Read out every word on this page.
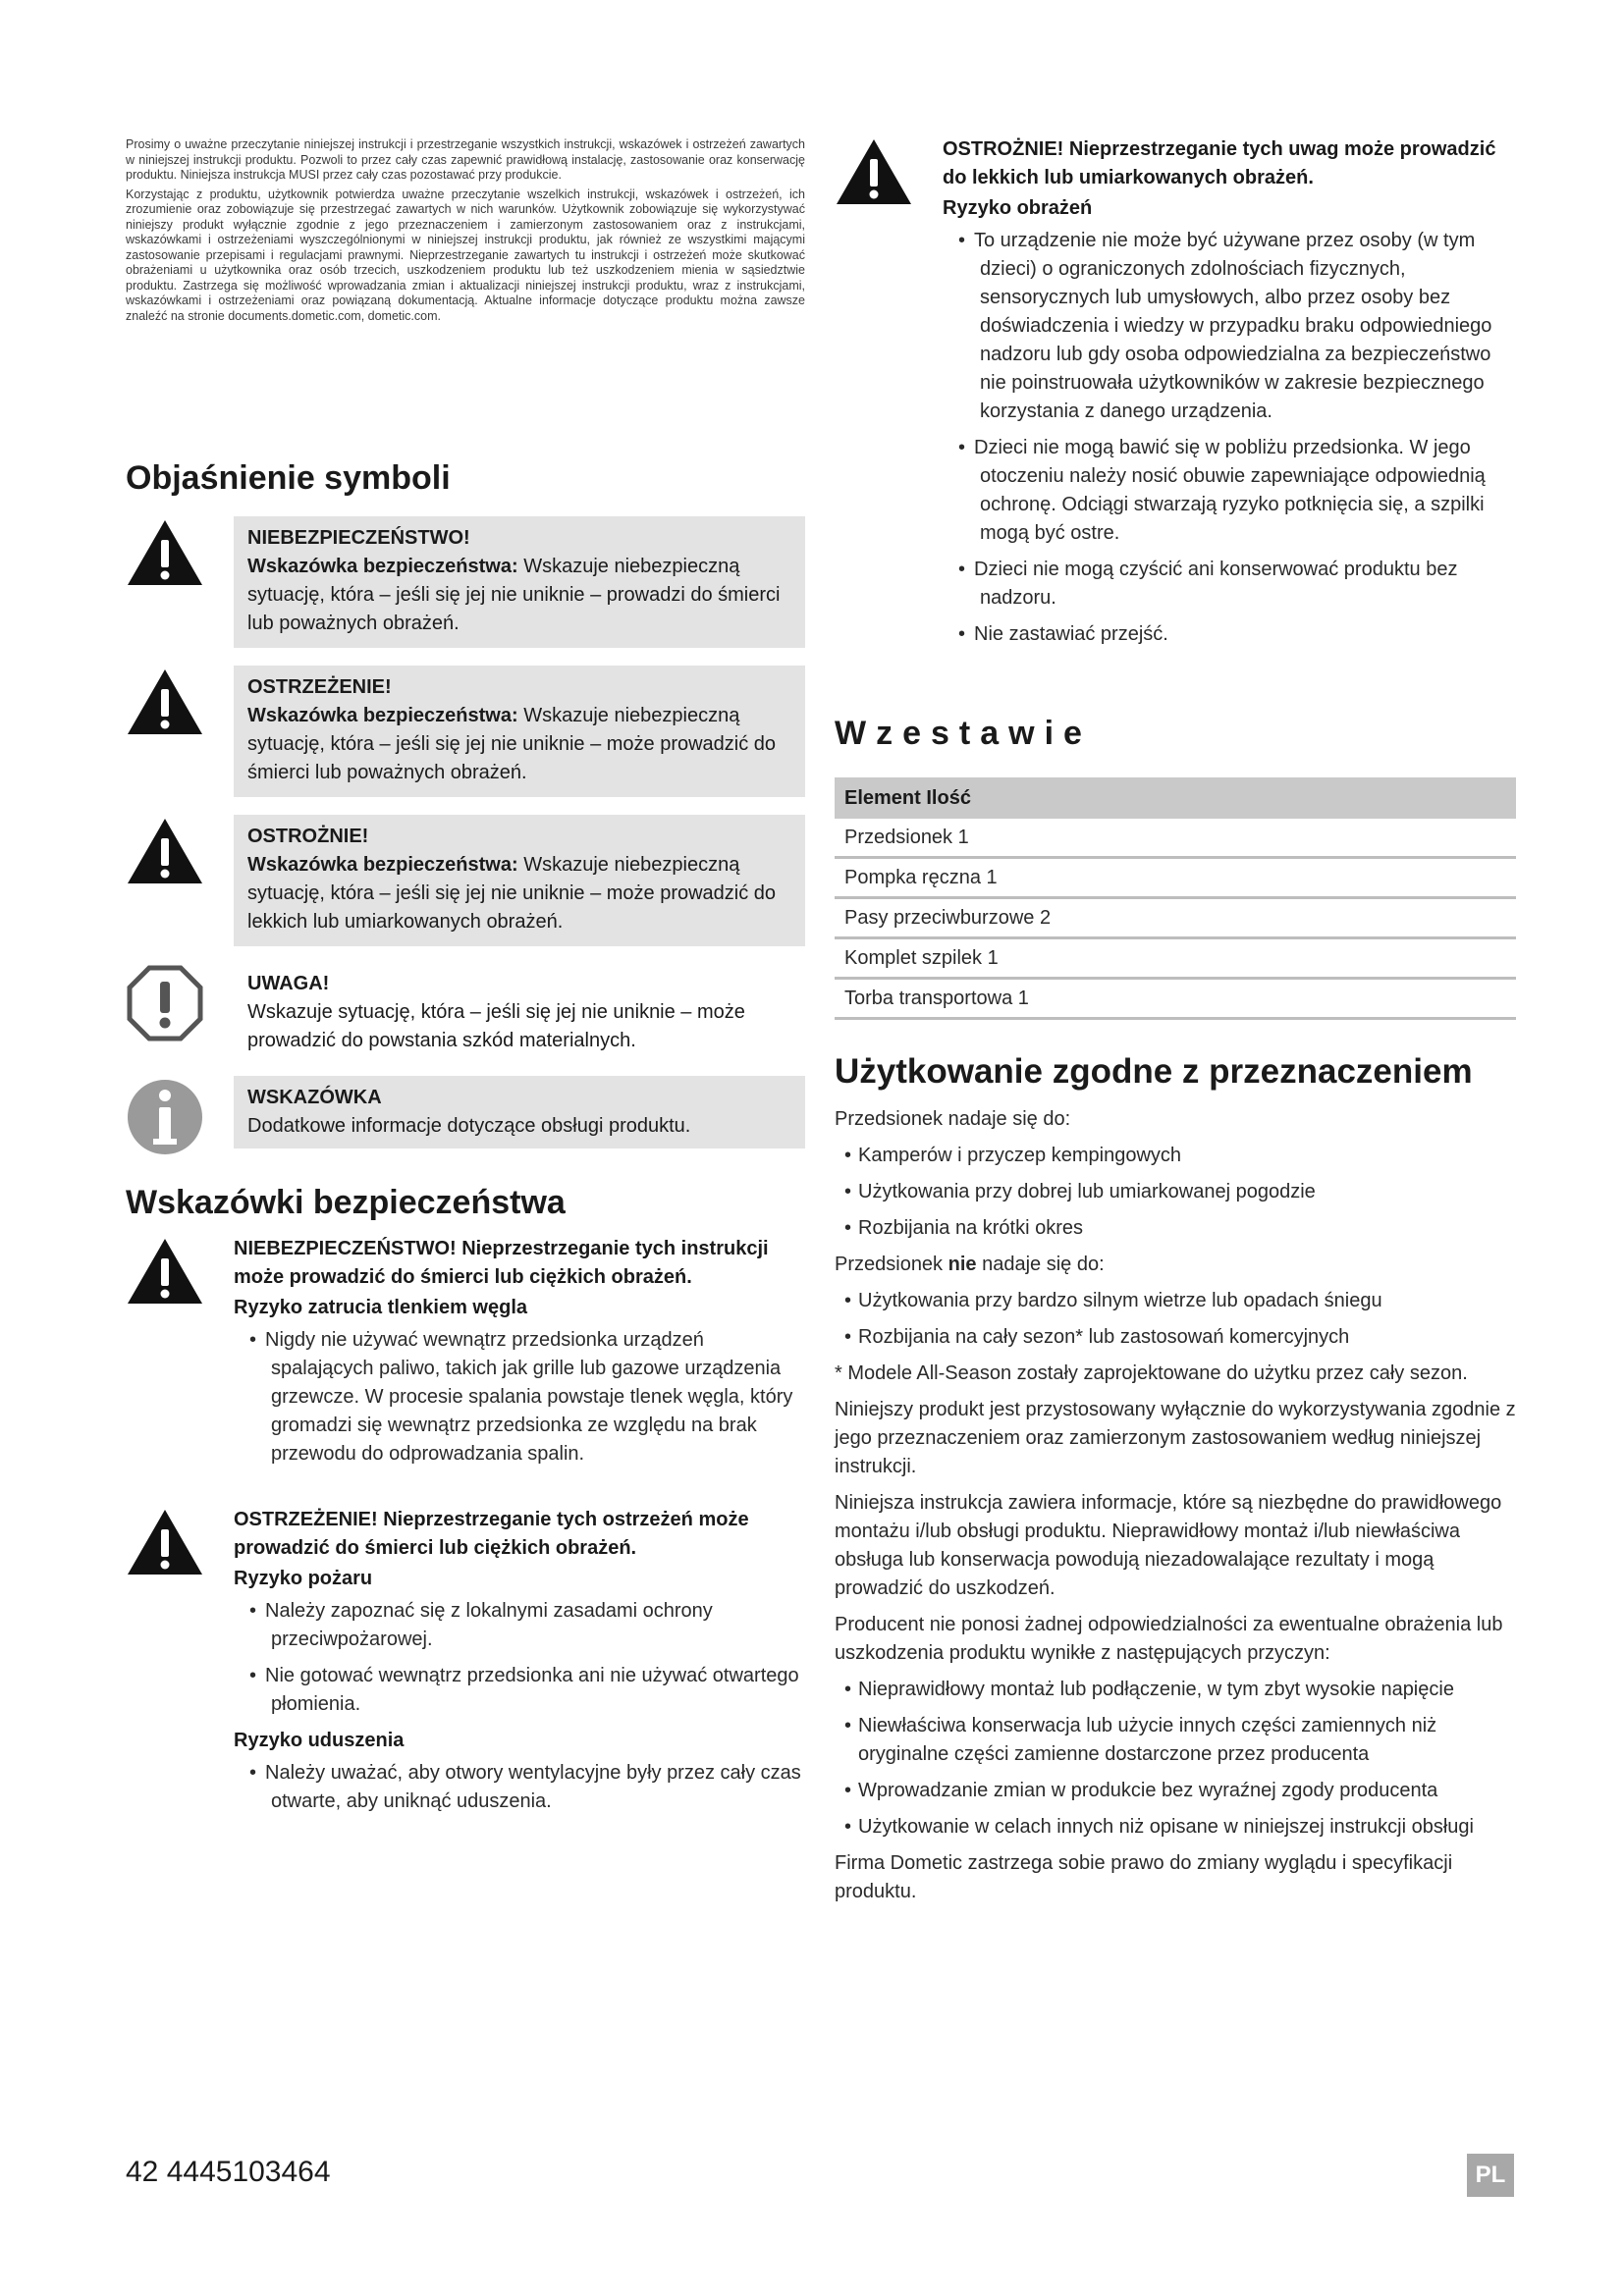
Prosimy o uważne przeczytanie niniejszej instrukcji i przestrzeganie wszystkich instrukcji, wskazówek i ostrzeżeń zawartych w niniejszej instrukcji produktu. Pozwoli to przez cały czas zapewnić prawidłową instalację, zastosowanie oraz konserwację produktu. Niniejsza instrukcja MUSI przez cały czas pozostawać przy produkcie.

Korzystając z produktu, użytkownik potwierdza uważne przeczytanie wszelkich instrukcji, wskazówek i ostrzeżeń, ich zrozumienie oraz zobowiązuje się przestrzegać zawartych w nich warunków. Użytkownik zobowiązuje się wykorzystywać niniejszy produkt wyłącznie zgodnie z jego przeznaczeniem i zamierzonym zastosowaniem oraz z instrukcjami, wskazówkami i ostrzeżeniami wyszczególnionymi w niniejszej instrukcji produktu, jak również ze wszystkimi mającymi zastosowanie przepisami i regulacjami prawnymi. Nieprzestrzeganie zawartych tu instrukcji i ostrzeżeń może skutkować obrażeniami u użytkownika oraz osób trzecich, uszkodzeniem produktu lub też uszkodzeniem mienia w sąsiedztwie produktu. Zastrzega się możliwość wprowadzania zmian i aktualizacji niniejszej instrukcji produktu, wraz z instrukcjami, wskazówkami i ostrzeżeniami oraz powiązaną dokumentacją. Aktualne informacje dotyczące produktu można zawsze znaleźć na stronie documents.dometic.com, dometic.com.

Objaśnienie symboli
NIEBEZPIECZEŃSTWO!
Wskazówka bezpieczeństwa: Wskazuje niebezpieczną sytuację, która – jeśli się jej nie uniknie – prowadzi do śmierci lub poważnych obrażeń.
OSTRZEŻENIE!
Wskazówka bezpieczeństwa: Wskazuje niebezpieczną sytuację, która – jeśli się jej nie uniknie – może prowadzić do śmierci lub poważnych obrażeń.
OSTROŻNIE!
Wskazówka bezpieczeństwa: Wskazuje niebezpieczną sytuację, która – jeśli się jej nie uniknie – może prowadzić do lekkich lub umiarkowanych obrażeń.
UWAGA!
Wskazuje sytuację, która – jeśli się jej nie uniknie – może prowadzić do powstania szkód materialnych.
WSKAZÓWKA
Dodatkowe informacje dotyczące obsługi produktu.
Wskazówki bezpieczeństwa
NIEBEZPIECZEŃSTWO! Nieprzestrzeganie tych instrukcji może prowadzić do śmierci lub ciężkich obrażeń.
Ryzyko zatrucia tlenkiem węgla
• Nigdy nie używać wewnątrz przedsionka urządzeń spalających paliwo, takich jak grille lub gazowe urządzenia grzewcze. W procesie spalania powstaje tlenek węgla, który gromadzi się wewnątrz przedsionka ze względu na brak przewodu do odprowadzania spalin.
OSTRZEŻENIE! Nieprzestrzeganie tych ostrzeżeń może prowadzić do śmierci lub ciężkich obrażeń.
Ryzyko pożaru
• Należy zapoznać się z lokalnymi zasadami ochrony przeciwpożarowej.
• Nie gotować wewnątrz przedsionka ani nie używać otwartego płomienia.
Ryzyko uduszenia
• Należy uważać, aby otwory wentylacyjne były przez cały czas otwarte, aby uniknąć uduszenia.
OSTROŻNIE! Nieprzestrzeganie tych uwag może prowadzić do lekkich lub umiarkowanych obrażeń.
Ryzyko obrażeń
• To urządzenie nie może być używane przez osoby (w tym dzieci) o ograniczonych zdolnościach fizycznych, sensorycznych lub umysłowych, albo przez osoby bez doświadczenia i wiedzy w przypadku braku odpowiedniego nadzoru lub gdy osoba odpowiedzialna za bezpieczeństwo nie poinstruowała użytkowników w zakresie bezpiecznego korzystania z danego urządzenia.
• Dzieci nie mogą bawić się w pobliżu przedsionka. W jego otoczeniu należy nosić obuwie zapewniające odpowiednią ochronę. Odciągi stwarzają ryzyko potknięcia się, a szpilki mogą być ostre.
• Dzieci nie mogą czyścić ani konserwować produktu bez nadzoru.
• Nie zastawiać przejść.
Wzestawie
Element Ilość
Przedsionek 1
Pompka ręczna 1
Pasy przeciwburzowe 2
Komplet szpilek 1
Torba transportowa 1
Użytkowanie zgodne z przeznaczeniem

Przedsionek nadaje się do:

• Kamperów i przyczep kempingowych
• Użytkowania przy dobrej lub umiarkowanej pogodzie
• Rozbijania na krótki okres

Przedsionek nie nadaje się do:

• Użytkowania przy bardzo silnym wietrze lub opadach śniegu
• Rozbijania na cały sezon* lub zastosowań komercyjnych

* Modele All-Season zostały zaprojektowane do użytku przez cały sezon.

Niniejszy produkt jest przystosowany wyłącznie do wykorzystywania zgodnie z jego przeznaczeniem oraz zamierzonym zastosowaniem według niniejszej instrukcji.

Niniejsza instrukcja zawiera informacje, które są niezbędne do prawidłowego montażu i/lub obsługi produktu. Nieprawidłowy montaż i/lub niewłaściwa obsługa lub konserwacja powodują niezadowalające rezultaty i mogą prowadzić do uszkodzeń.

Producent nie ponosi żadnej odpowiedzialności za ewentualne obrażenia lub uszkodzenia produktu wynikłe z następujących przyczyn:

• Nieprawidłowy montaż lub podłączenie, w tym zbyt wysokie napięcie
• Niewłaściwa konserwacja lub użycie innych części zamiennych niż oryginalne części zamienne dostarczone przez producenta
• Wprowadzanie zmian w produkcie bez wyraźnej zgody producenta
• Użytkowanie w celach innych niż opisane w niniejszej instrukcji obsługi

Firma Dometic zastrzega sobie prawo do zmiany wyglądu i specyfikacji produktu.

42 4445103464	PL
